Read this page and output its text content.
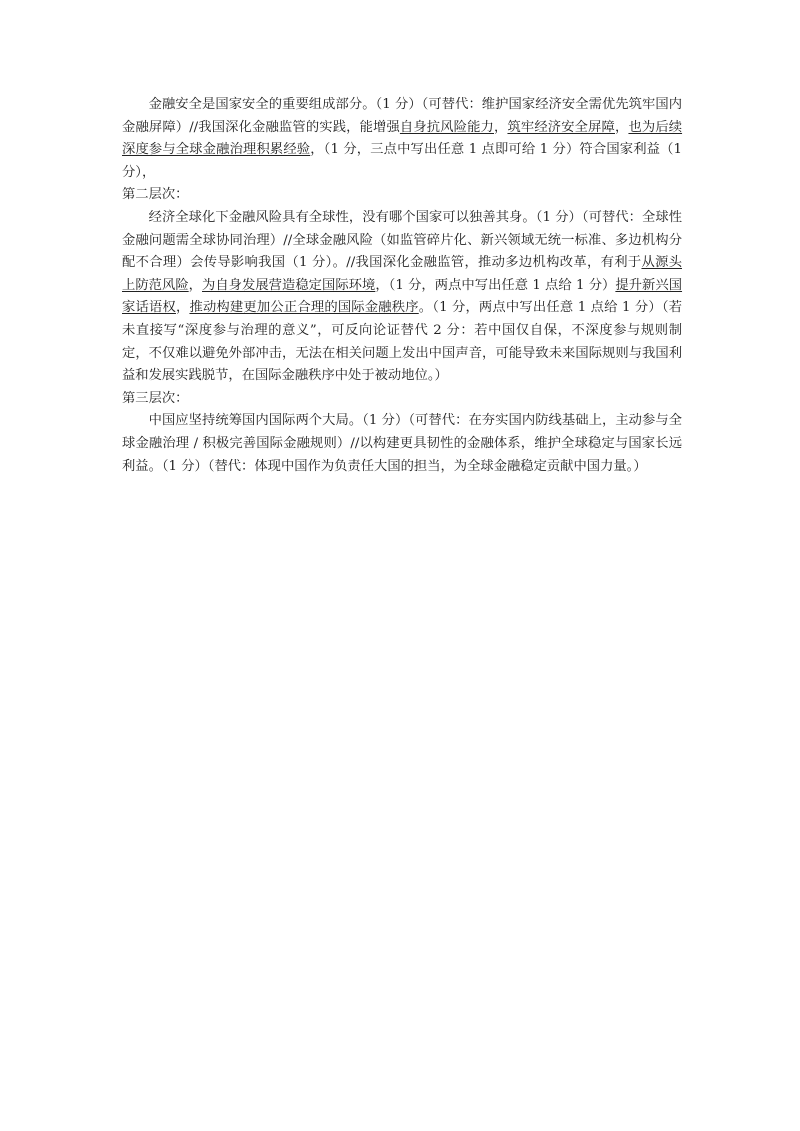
金融安全是国家安全的重要组成部分。（1 分）（可替代：维护国家经济安全需优先筑牢国内金融屏障）//我国深化金融监管的实践，能增强自身抗风险能力，筑牢经济安全屏障，也为后续深度参与全球金融治理积累经验，（1 分，三点中写出任意 1 点即可给 1 分）符合国家利益（1 分），

第二层次：

经济全球化下金融风险具有全球性，没有哪个国家可以独善其身。（1 分）（可替代：全球性金融问题需全球协同治理）//全球金融风险（如监管碎片化、新兴领域无统一标准、多边机构分配不合理）会传导影响我国（1 分）。//我国深化金融监管，推动多边机构改革，有利于从源头上防范风险，为自身发展营造稳定国际环境，（1 分，两点中写出任意 1 点给 1 分）提升新兴国家话语权，推动构建更加公正合理的国际金融秩序。（1 分，两点中写出任意 1 点给 1 分）（若未直接写“深度参与治理的意义”，可反向论证替代 2 分：若中国仅自保，不深度参与规则制定，不仅难以避免外部冲击，无法在相关问题上发出中国声音，可能导致未来国际规则与我国利益和发展实践脱节，在国际金融秩序中处于被动地位。）

第三层次：

中国应坚持统筹国内国际两个大局。（1 分）（可替代：在夯实国内防线基础上，主动参与全球金融治理 / 积极完善国际金融规则）//以构建更具韧性的金融体系，维护全球稳定与国家长远利益。（1 分）（替代：体现中国作为负责任大国的担当，为全球金融稳定贡献中国力量。）
